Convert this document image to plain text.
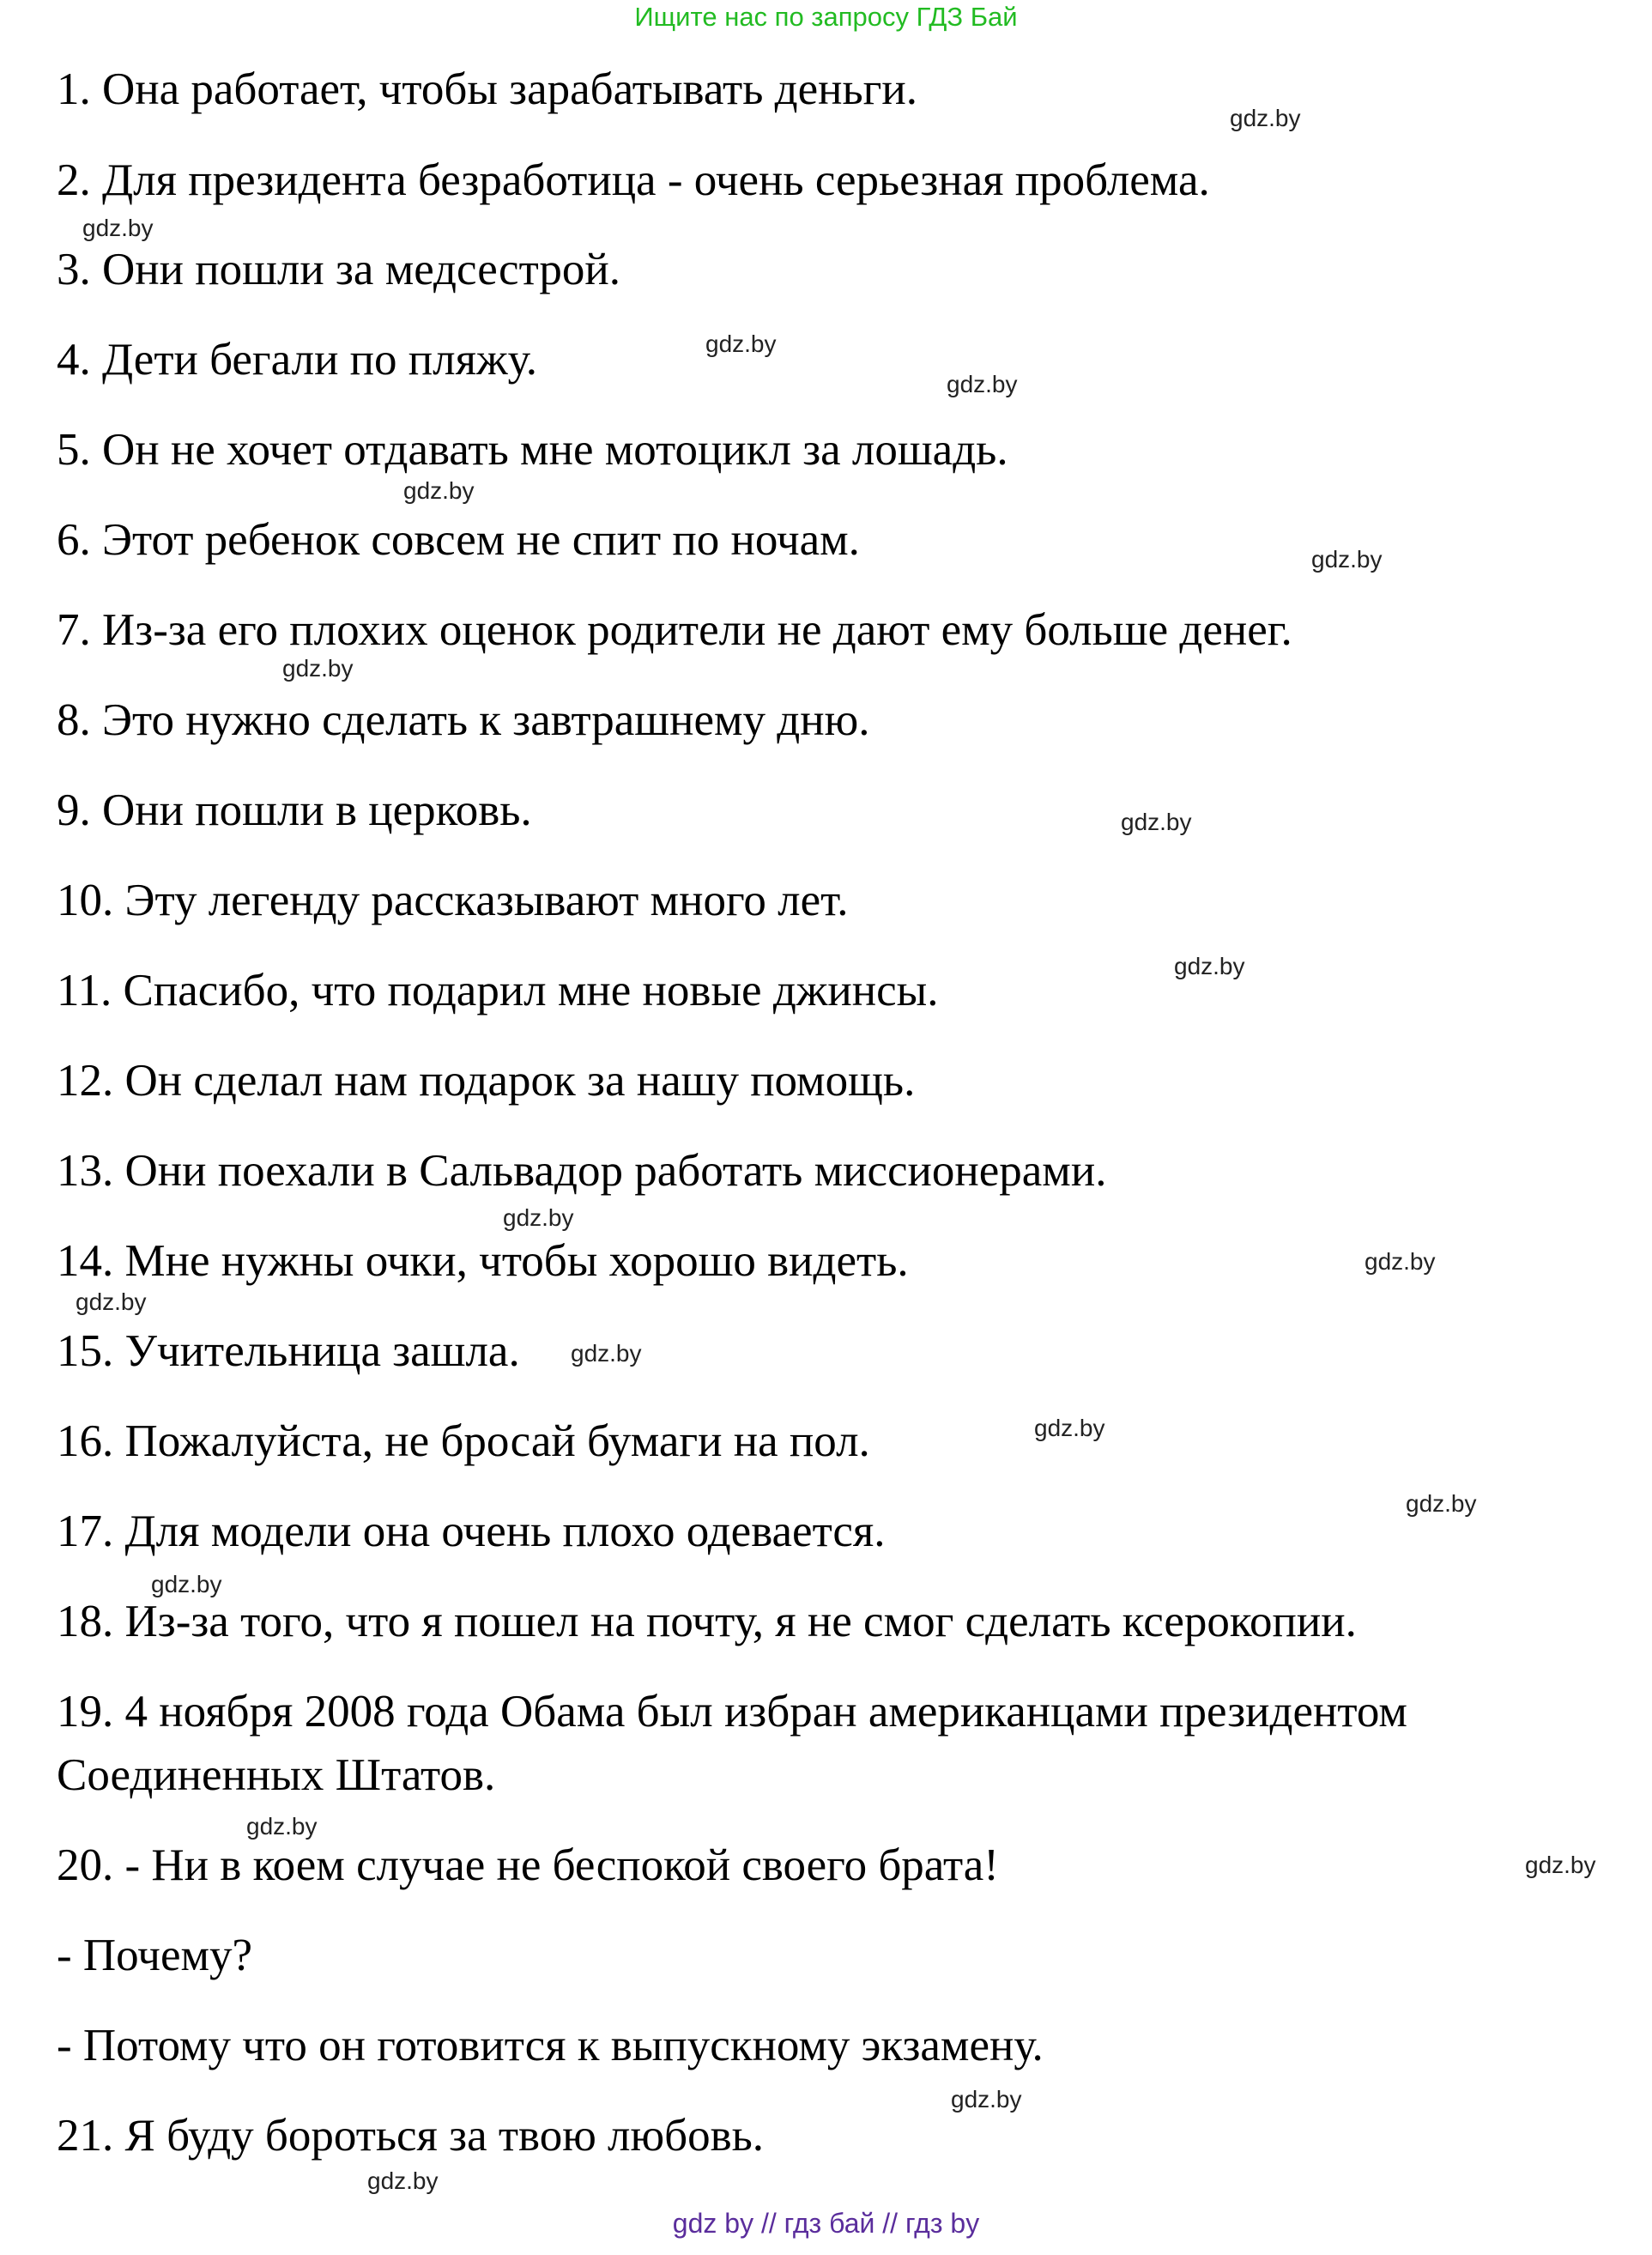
Ищите нас по запросу ГДЗ Бай
1. Она работает, чтобы зарабатывать деньги.
2. Для президента безработица - очень серьезная проблема.
3. Они пошли за медсестрой.
4. Дети бегали по пляжу.
5. Он не хочет отдавать мне мотоцикл за лошадь.
6. Этот ребенок совсем не спит по ночам.
7. Из-за его плохих оценок родители не дают ему больше денег.
8. Это нужно сделать к завтрашнему дню.
9. Они пошли в церковь.
10. Эту легенду рассказывают много лет.
11. Спасибо, что подарил мне новые джинсы.
12. Он сделал нам подарок за нашу помощь.
13. Они поехали в Сальвадор работать миссионерами.
14. Мне нужны очки, чтобы хорошо видеть.
15. Учительница зашла.
16. Пожалуйста, не бросай бумаги на пол.
17. Для модели она очень плохо одевается.
18. Из-за того, что я пошел на почту, я не смог сделать ксерокопии.
19. 4 ноября 2008 года Обама был избран американцами президентом
Соединенных Штатов.
20. - Ни в коем случае не беспокой своего брата!
- Почему?
- Потому что он готовится к выпускному экзамену.
21. Я буду бороться за твою любовь.
gdz.by
gdz.by
gdz.by
gdz.by
gdz.by
gdz.by
gdz.by
gdz.by
gdz.by
gdz.by
gdz.by
gdz.by
gdz.by
gdz.by
gdz.by
gdz.by
gdz.by
gdz.by
gdz.by
gdz.by
gdz by // гдз бай // гдз by
